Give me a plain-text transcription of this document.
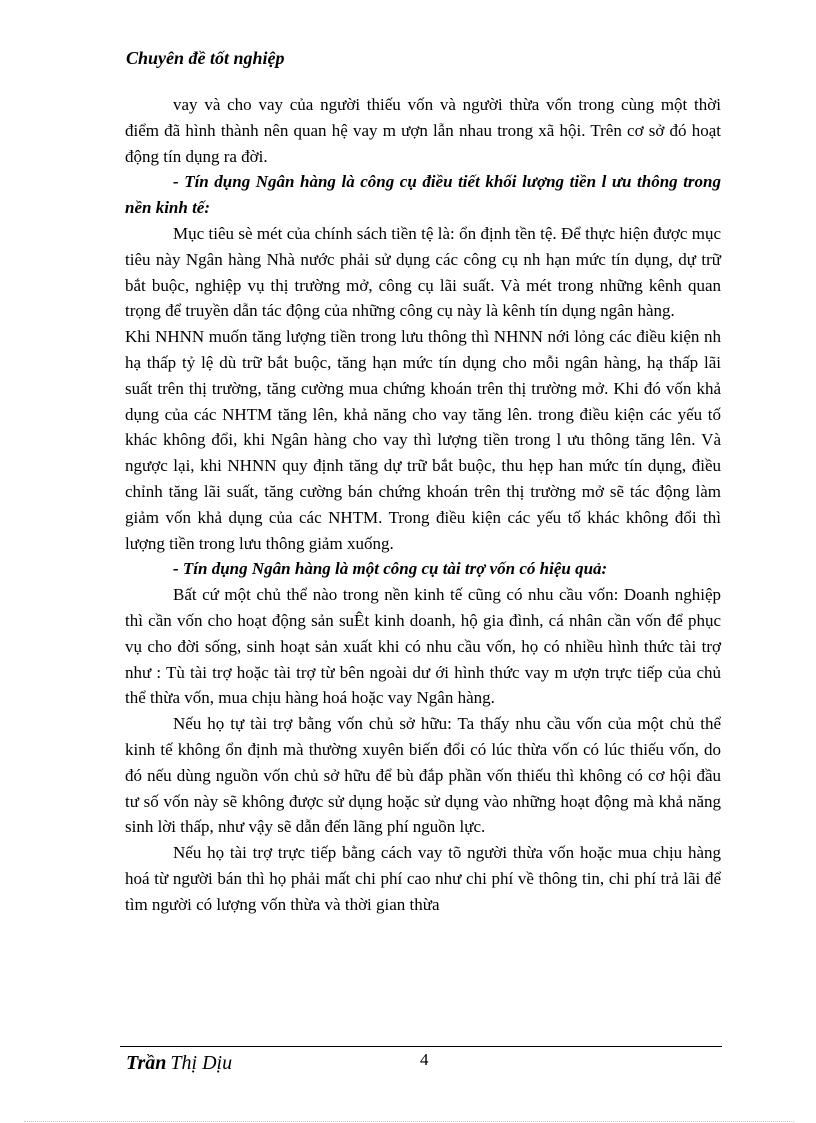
Chuyên đề tốt nghiệp

vay và cho vay của người thiếu vốn và người thừa vốn trong cùng một thời điểm đã hình thành nên quan hệ vay m ượn lẫn nhau trong xã hội. Trên cơ sở đó hoạt động tín dụng ra đời.

- Tín dụng Ngân hàng là công cụ điều tiết khối lượng tiền l ưu thông trong nền kinh tế:

Mục tiêu sè mét của chính sách tiền tệ là: ổn định tền tệ. Để thực hiện được mục tiêu này Ngân hàng Nhà nước phải sử dụng các công cụ nh hạn mức tín dụng, dự trữ bắt buộc, nghiệp vụ thị trường mở, công cụ lãi suất. Và mét trong những kênh quan trọng để truyền dẫn tác động của những công cụ này là kênh tín dụng ngân hàng.

Khi NHNN muốn tăng lượng tiền trong lưu thông thì NHNN nới lỏng các điều kiện nh hạ thấp tỷ lệ dù trữ bắt buộc, tăng hạn mức tín dụng cho mỗi ngân hàng, hạ thấp lãi suất trên thị trường, tăng cường mua chứng khoán trên thị trường mở. Khi đó vốn khả dụng của các NHTM tăng lên, khả năng cho vay tăng lên. trong điều kiện các yếu tố khác không đổi, khi Ngân hàng cho vay thì lượng tiền trong l ưu thông tăng lên. Và ngược lại, khi NHNN quy định tăng dự trữ bắt buộc, thu hẹp han mức tín dụng, điều chỉnh tăng lãi suất, tăng cường bán chứng khoán trên thị trường mở sẽ tác động làm giảm vốn khả dụng của các NHTM. Trong điều kiện các yếu tố khác không đổi thì lượng tiền trong lưu thông giảm xuống.

- Tín dụng Ngân hàng là một công cụ tài trợ vốn có hiệu quả:

Bất cứ một chủ thể nào trong nền kinh tế cũng có nhu cầu vốn: Doanh nghiệp thì cần vốn cho hoạt động sản suÊt kinh doanh, hộ gia đình, cá nhân cần vốn để phục vụ cho đời sống, sinh hoạt sản xuất khi có nhu cầu vốn, họ có nhiều hình thức tài trợ như : Tù tài trợ hoặc tài trợ từ bên ngoài dư ới hình thức vay m ượn trực tiếp của chủ thể thừa vốn, mua chịu hàng hoá hoặc vay Ngân hàng.

Nếu họ tự tài trợ bằng vốn chủ sở hữu: Ta thấy nhu cầu vốn của một chủ thể kinh tế không ổn định mà thường xuyên biến đổi có lúc thừa vốn có lúc thiếu vốn, do đó nếu dùng nguồn vốn chủ sở hữu để bù đắp phần vốn thiếu thì không có cơ hội đầu tư số vốn này sẽ không được sử dụng hoặc sử dụng vào những hoạt động mà khả năng sinh lời thấp, như vậy sẽ dẫn đến lãng phí nguồn lực.

Nếu họ tài trợ trực tiếp bằng cách vay tõ người thừa vốn hoặc mua chịu hàng hoá từ người bán thì họ phải mất chi phí cao như chi phí về thông tin, chi phí trả lãi để tìm người có lượng vốn thừa và thời gian thừa

Trần Thị Dịu	4
